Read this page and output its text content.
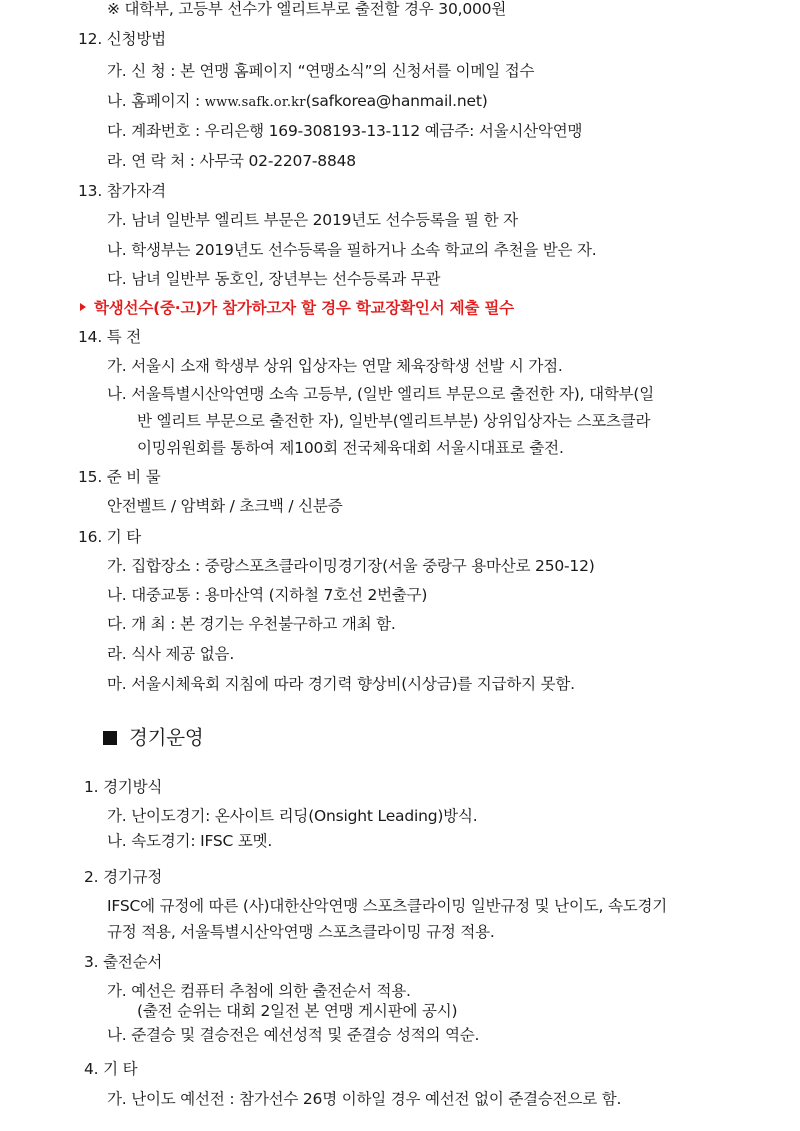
※ 대학부, 고등부 선수가 엘리트부로 출전할 경우 30,000원
12. 신청방법
가. 신 청 : 본 연맹 홈페이지 “연맹소식”의 신청서를 이메일 접수
나. 홈페이지 : www.safk.or.kr(safkorea@hanmail.net)
다. 계좌번호 : 우리은행 169-308193-13-112 예금주: 서울시산악연맹
라. 연 락 처 : 사무국 02-2207-8848
13. 참가자격
가. 남녀 일반부 엘리트 부문은 2019년도 선수등록을 필 한 자
나. 학생부는 2019년도 선수등록을 필하거나 소속 학교의 추천을 받은 자.
다. 남녀 일반부 동호인, 장년부는 선수등록과 무관
학생선수(중·고)가 참가하고자 할 경우 학교장확인서 제출 필수
14. 특 전
가. 서울시 소재 학생부 상위 입상자는 연말 체육장학생 선발 시 가점.
나. 서울특별시산악연맹 소속 고등부, (일반 엘리트 부문으로 출전한 자), 대학부(일
반 엘리트 부문으로 출전한 자), 일반부(엘리트부분) 상위입상자는 스포츠클라
이밍위원회를 통하여 제100회 전국체육대회 서울시대표로 출전.
15. 준 비 물
안전벨트 / 암벽화 / 초크백 / 신분증
16. 기 타
가. 집합장소 : 중랑스포츠클라이밍경기장(서울 중랑구 용마산로 250-12)
나. 대중교통 : 용마산역 (지하철 7호선 2번출구)
다. 개 최 : 본 경기는 우천불구하고 개최 함.
라. 식사 제공 없음.
마. 서울시체육회 지침에 따라 경기력 향상비(시상금)를 지급하지 못함.
경기운영
1. 경기방식
가. 난이도경기: 온사이트 리딩(Onsight Leading)방식.
나. 속도경기: IFSC 포멧.
2. 경기규정
IFSC에 규정에 따른 (사)대한산악연맹 스포츠클라이밍 일반규정 및 난이도, 속도경기
규정 적용, 서울특별시산악연맹 스포츠클라이밍 규정 적용.
3. 출전순서
가. 예선은 컴퓨터 추첨에 의한 출전순서 적용.
(출전 순위는 대회 2일전 본 연맹 게시판에 공시)
나. 준결승 및 결승전은 예선성적 및 준결승 성적의 역순.
4. 기 타
가. 난이도 예선전 : 참가선수 26명 이하일 경우 예선전 없이 준결승전으로 함.
